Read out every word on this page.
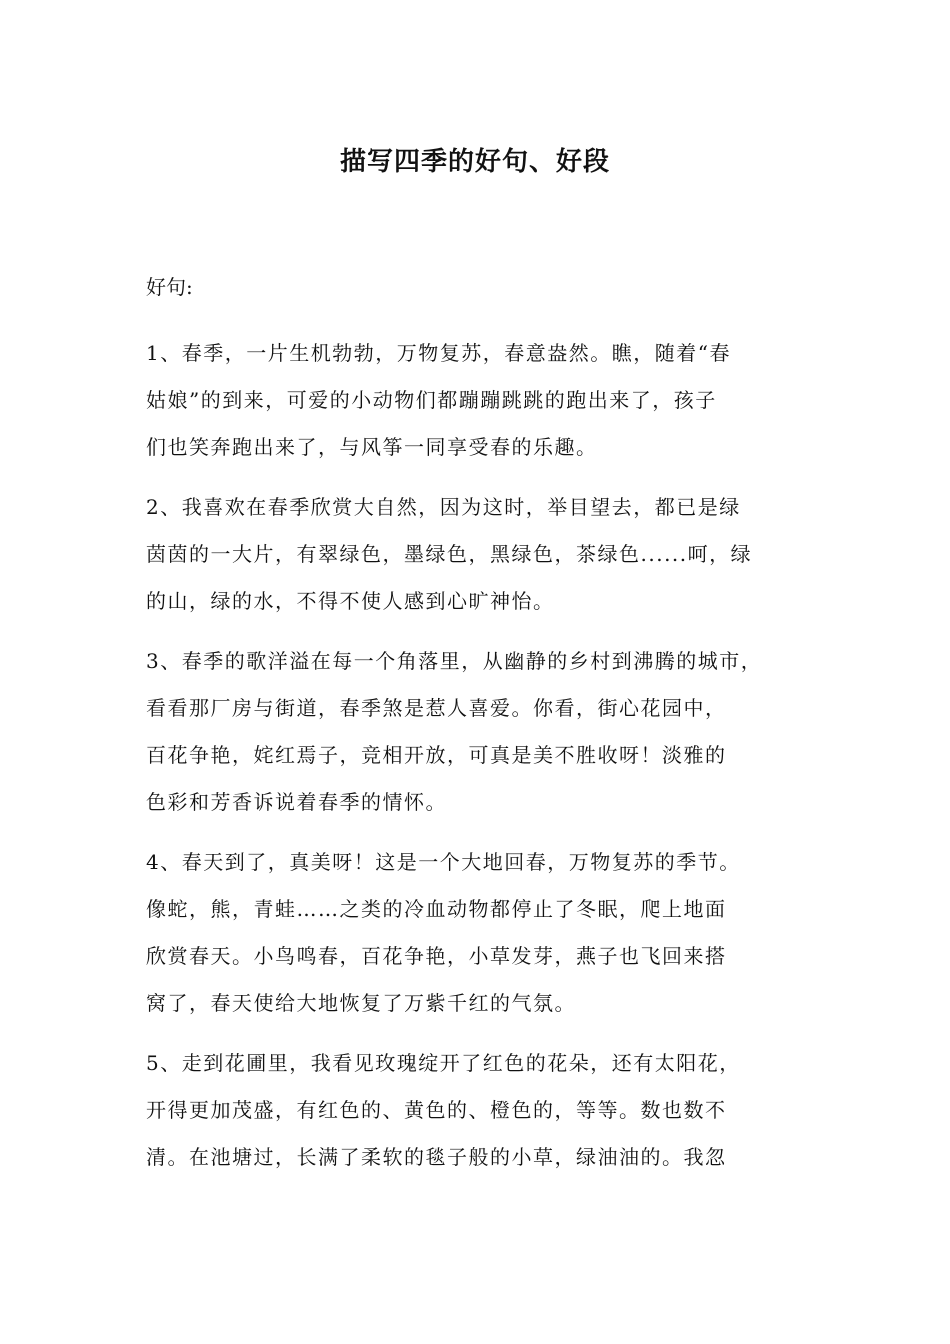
描写四季的好句、好段
好句:

1、春季，一片生机勃勃，万物复苏，春意盎然。瞧，随着“春
姑娘”的到来，可爱的小动物们都蹦蹦跳跳的跑出来了，孩子
们也笑奔跑出来了，与风筝一同享受春的乐趣。

2、我喜欢在春季欣赏大自然，因为这时，举目望去，都已是绿
茵茵的一大片，有翠绿色，墨绿色，黑绿色，茶绿色......呵，绿
的山，绿的水，不得不使人感到心旷神怡。

3、春季的歌洋溢在每一个角落里，从幽静的乡村到沸腾的城市，
看看那厂房与街道，春季煞是惹人喜爱。你看，街心花园中，
百花争艳，姹红焉子，竞相开放，可真是美不胜收呀！淡雅的
色彩和芳香诉说着春季的情怀。

4、春天到了，真美呀！这是一个大地回春，万物复苏的季节。
像蛇，熊，青蛙……之类的冷血动物都停止了冬眠，爬上地面
欣赏春天。小鸟鸣春，百花争艳，小草发芽，燕子也飞回来搭
窝了，春天使给大地恢复了万紫千红的气氛。

5、走到花圃里，我看见玫瑰绽开了红色的花朵，还有太阳花，
开得更加茂盛，有红色的、黄色的、橙色的，等等。数也数不
清。在池塘过，长满了柔软的毯子般的小草，绿油油的。我忽
